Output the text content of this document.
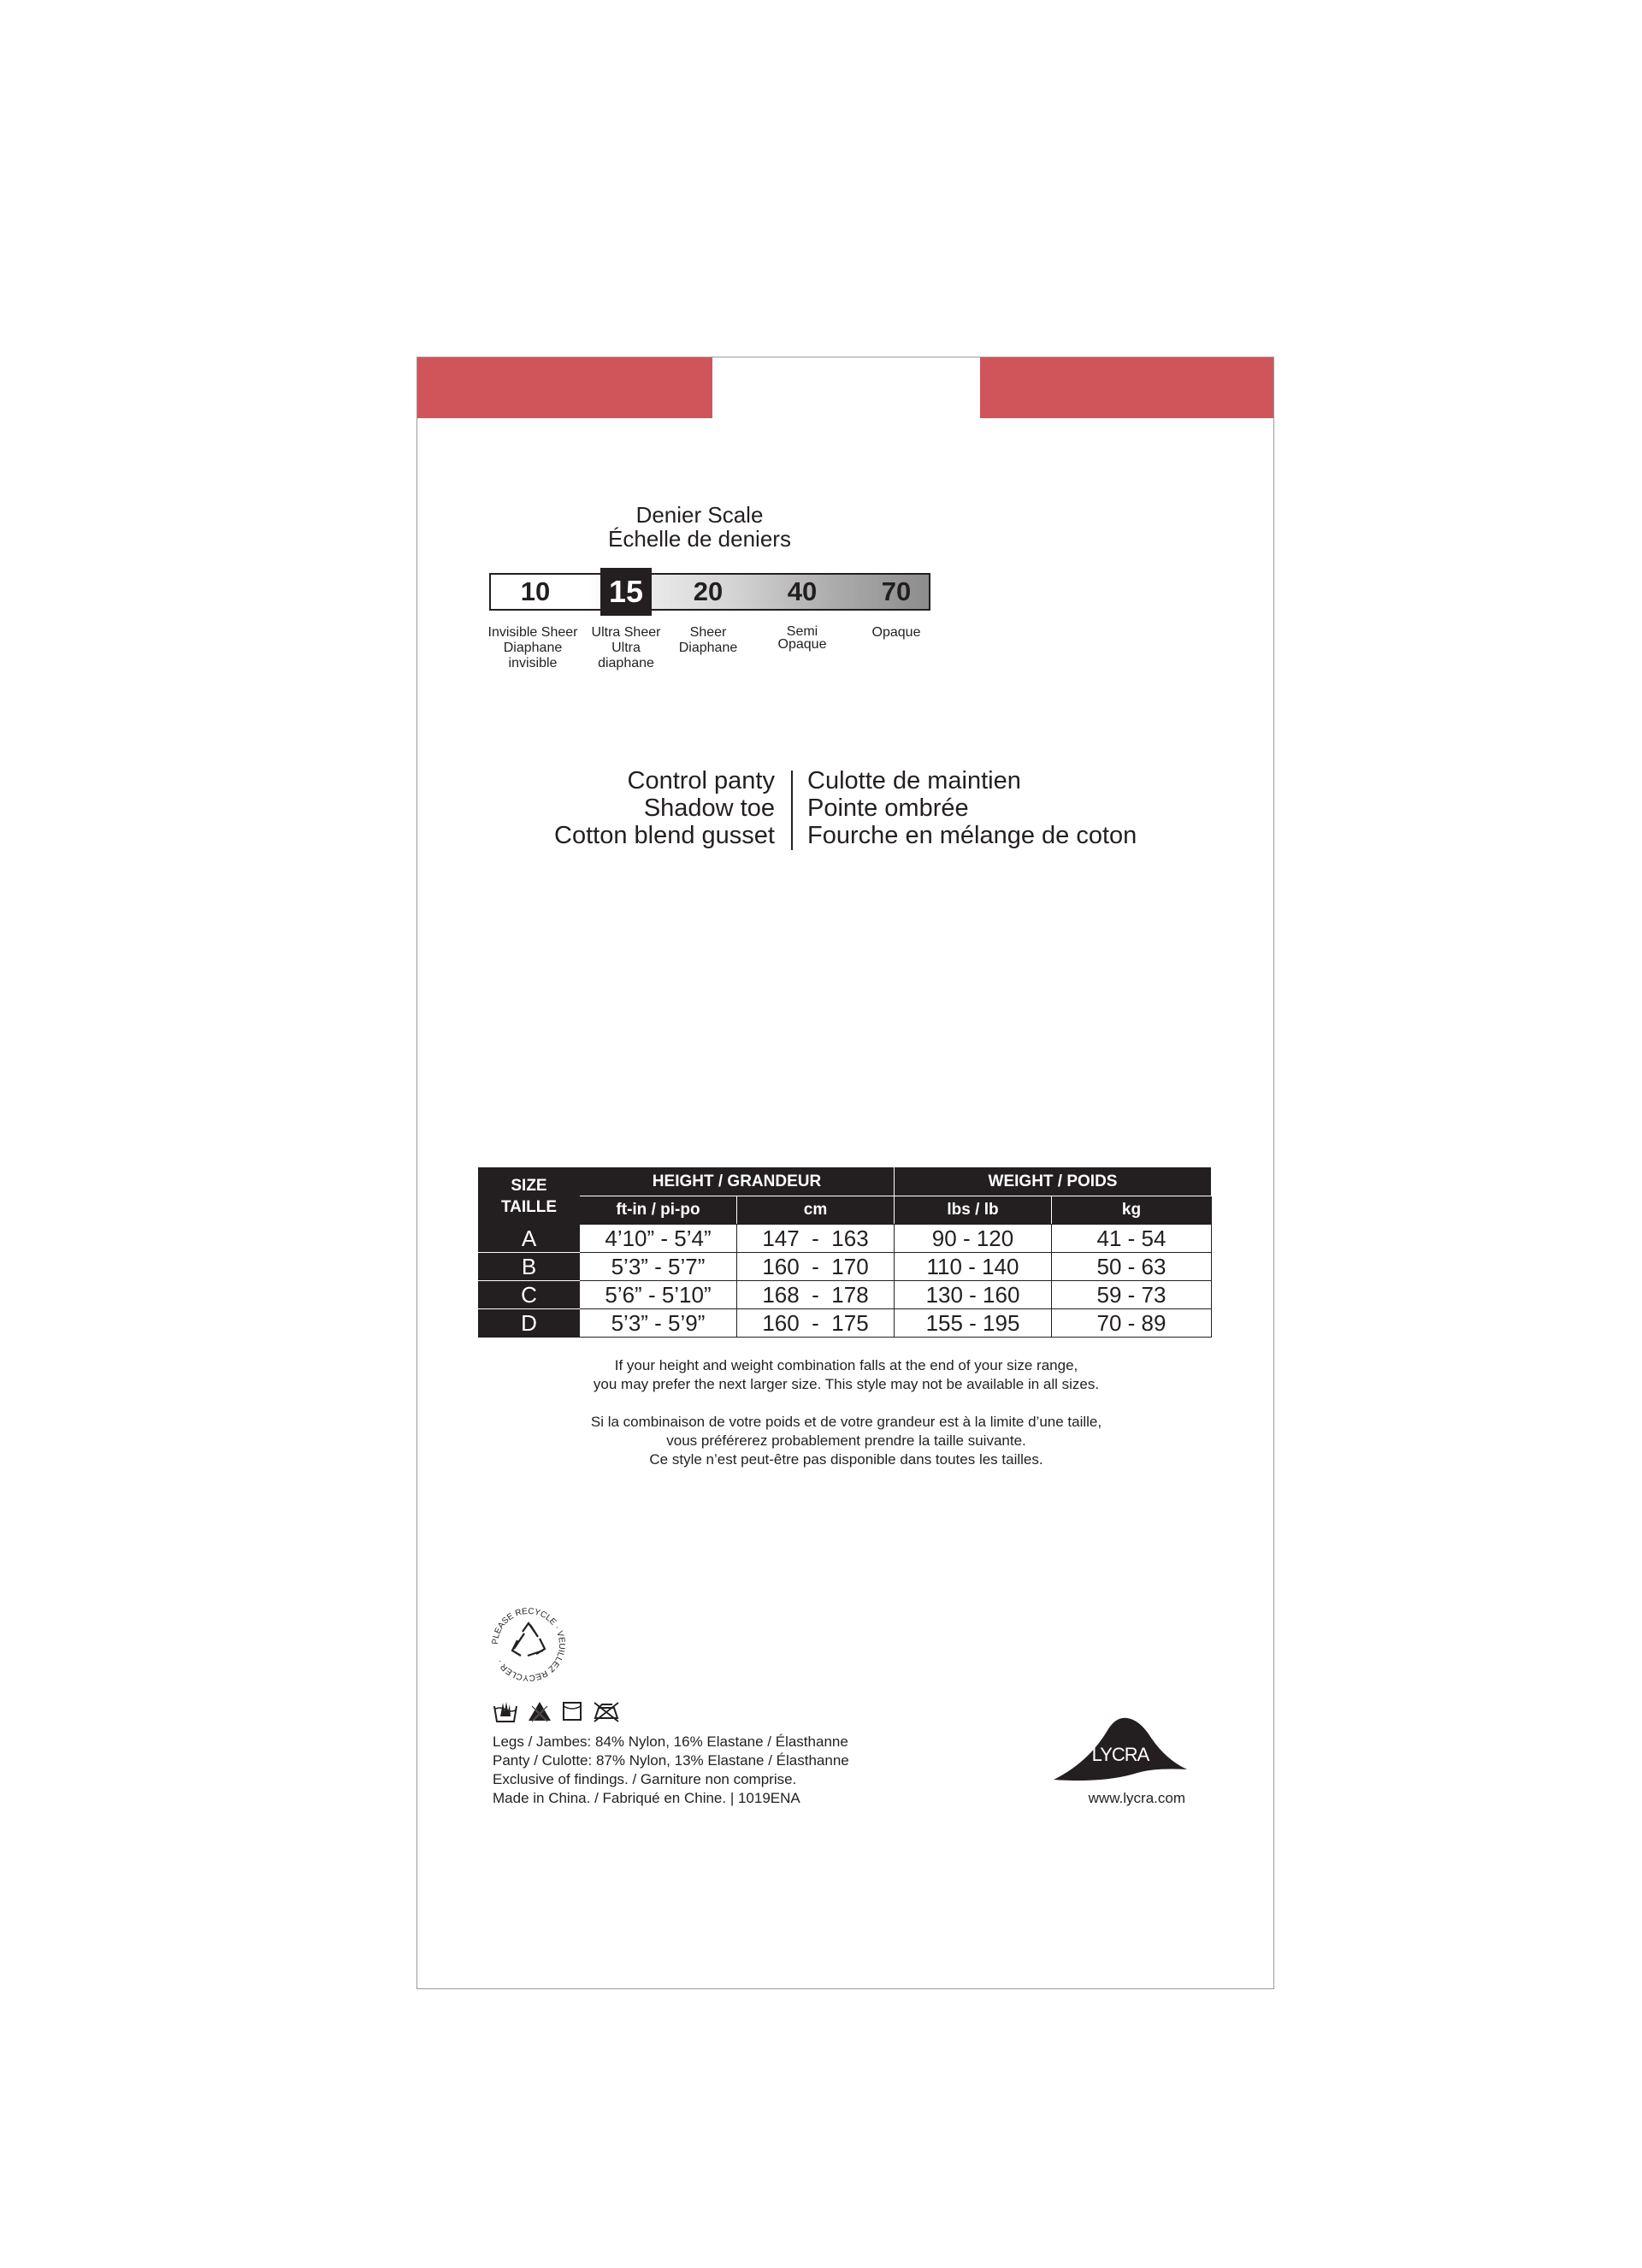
Denier Scale
Échelle de deniers
10	15	20	40	70
Invisible Sheer
Diaphane
invisible
Ultra Sheer
Ultra
diaphane
Sheer
Diaphane
Semi
Opaque
Opaque
Control panty
Shadow toe
Cotton blend gusset
Culotte de maintien
Pointe ombrée
Fourche en mélange de coton
SIZE
TAILLE	HEIGHT / GRANDEUR		WEIGHT / POIDS	
	ft-in / pi-po	cm	lbs / lb	kg
A	4’10” - 5’4”	147  -  163	90 - 120	41 - 54
B	5’3” - 5’7”	160  -  170	110 - 140	50 - 63
C	5’6” - 5’10”	168  -  178	130 - 160	59 - 73
D	5’3” - 5’9”	160  -  175	155 - 195	70 - 89
If your height and weight combination falls at the end of your size range,
you may prefer the next larger size. This style may not be available in all sizes.
Si la combinaison de votre poids et de votre grandeur est à la limite d’une taille,
vous préférerez probablement prendre la taille suivante.
Ce style n’est peut-être pas disponible dans toutes les tailles.
PLEASE RECYCLE · VEUILLEZ RECYCLER ·
Legs / Jambes: 84% Nylon, 16% Elastane / Élasthanne
Panty / Culotte: 87% Nylon, 13% Elastane / Élasthanne
Exclusive of findings. / Garniture non comprise.
Made in China. / Fabriqué en Chine. | 1019ENA
LYCRA
www.lycra.com
